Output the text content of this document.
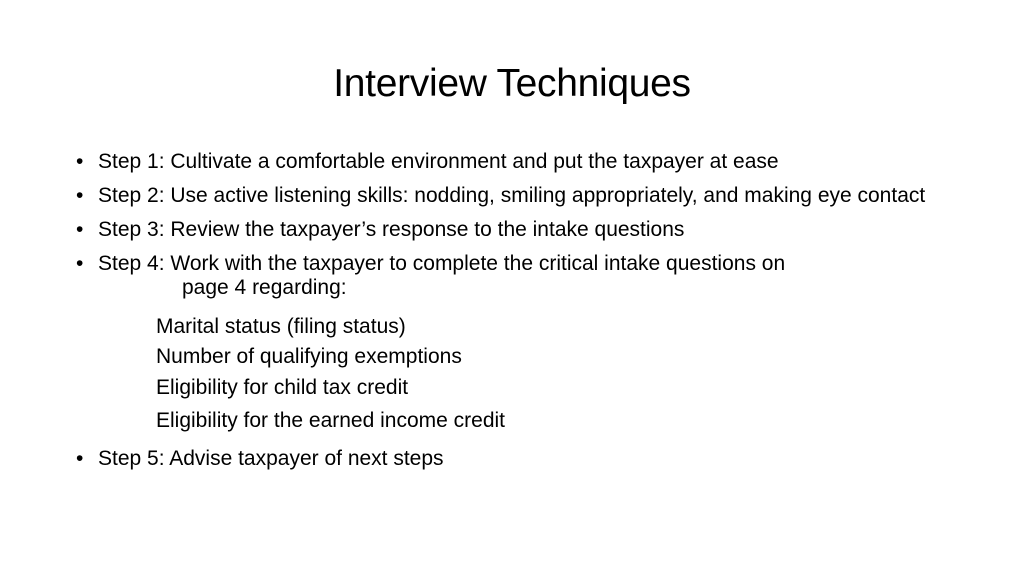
Interview Techniques
• Step 1: Cultivate a comfortable environment and put the taxpayer at ease
• Step 2: Use active listening skills: nodding, smiling appropriately, and making eye contact
• Step 3: Review the taxpayer’s response to the intake questions
• Step 4: Work with the taxpayer to complete the critical intake questions on
page 4 regarding:
Marital status (filing status)
Number of qualifying exemptions
Eligibility for child tax credit
Eligibility for the earned income credit
• Step 5: Advise taxpayer of next steps
